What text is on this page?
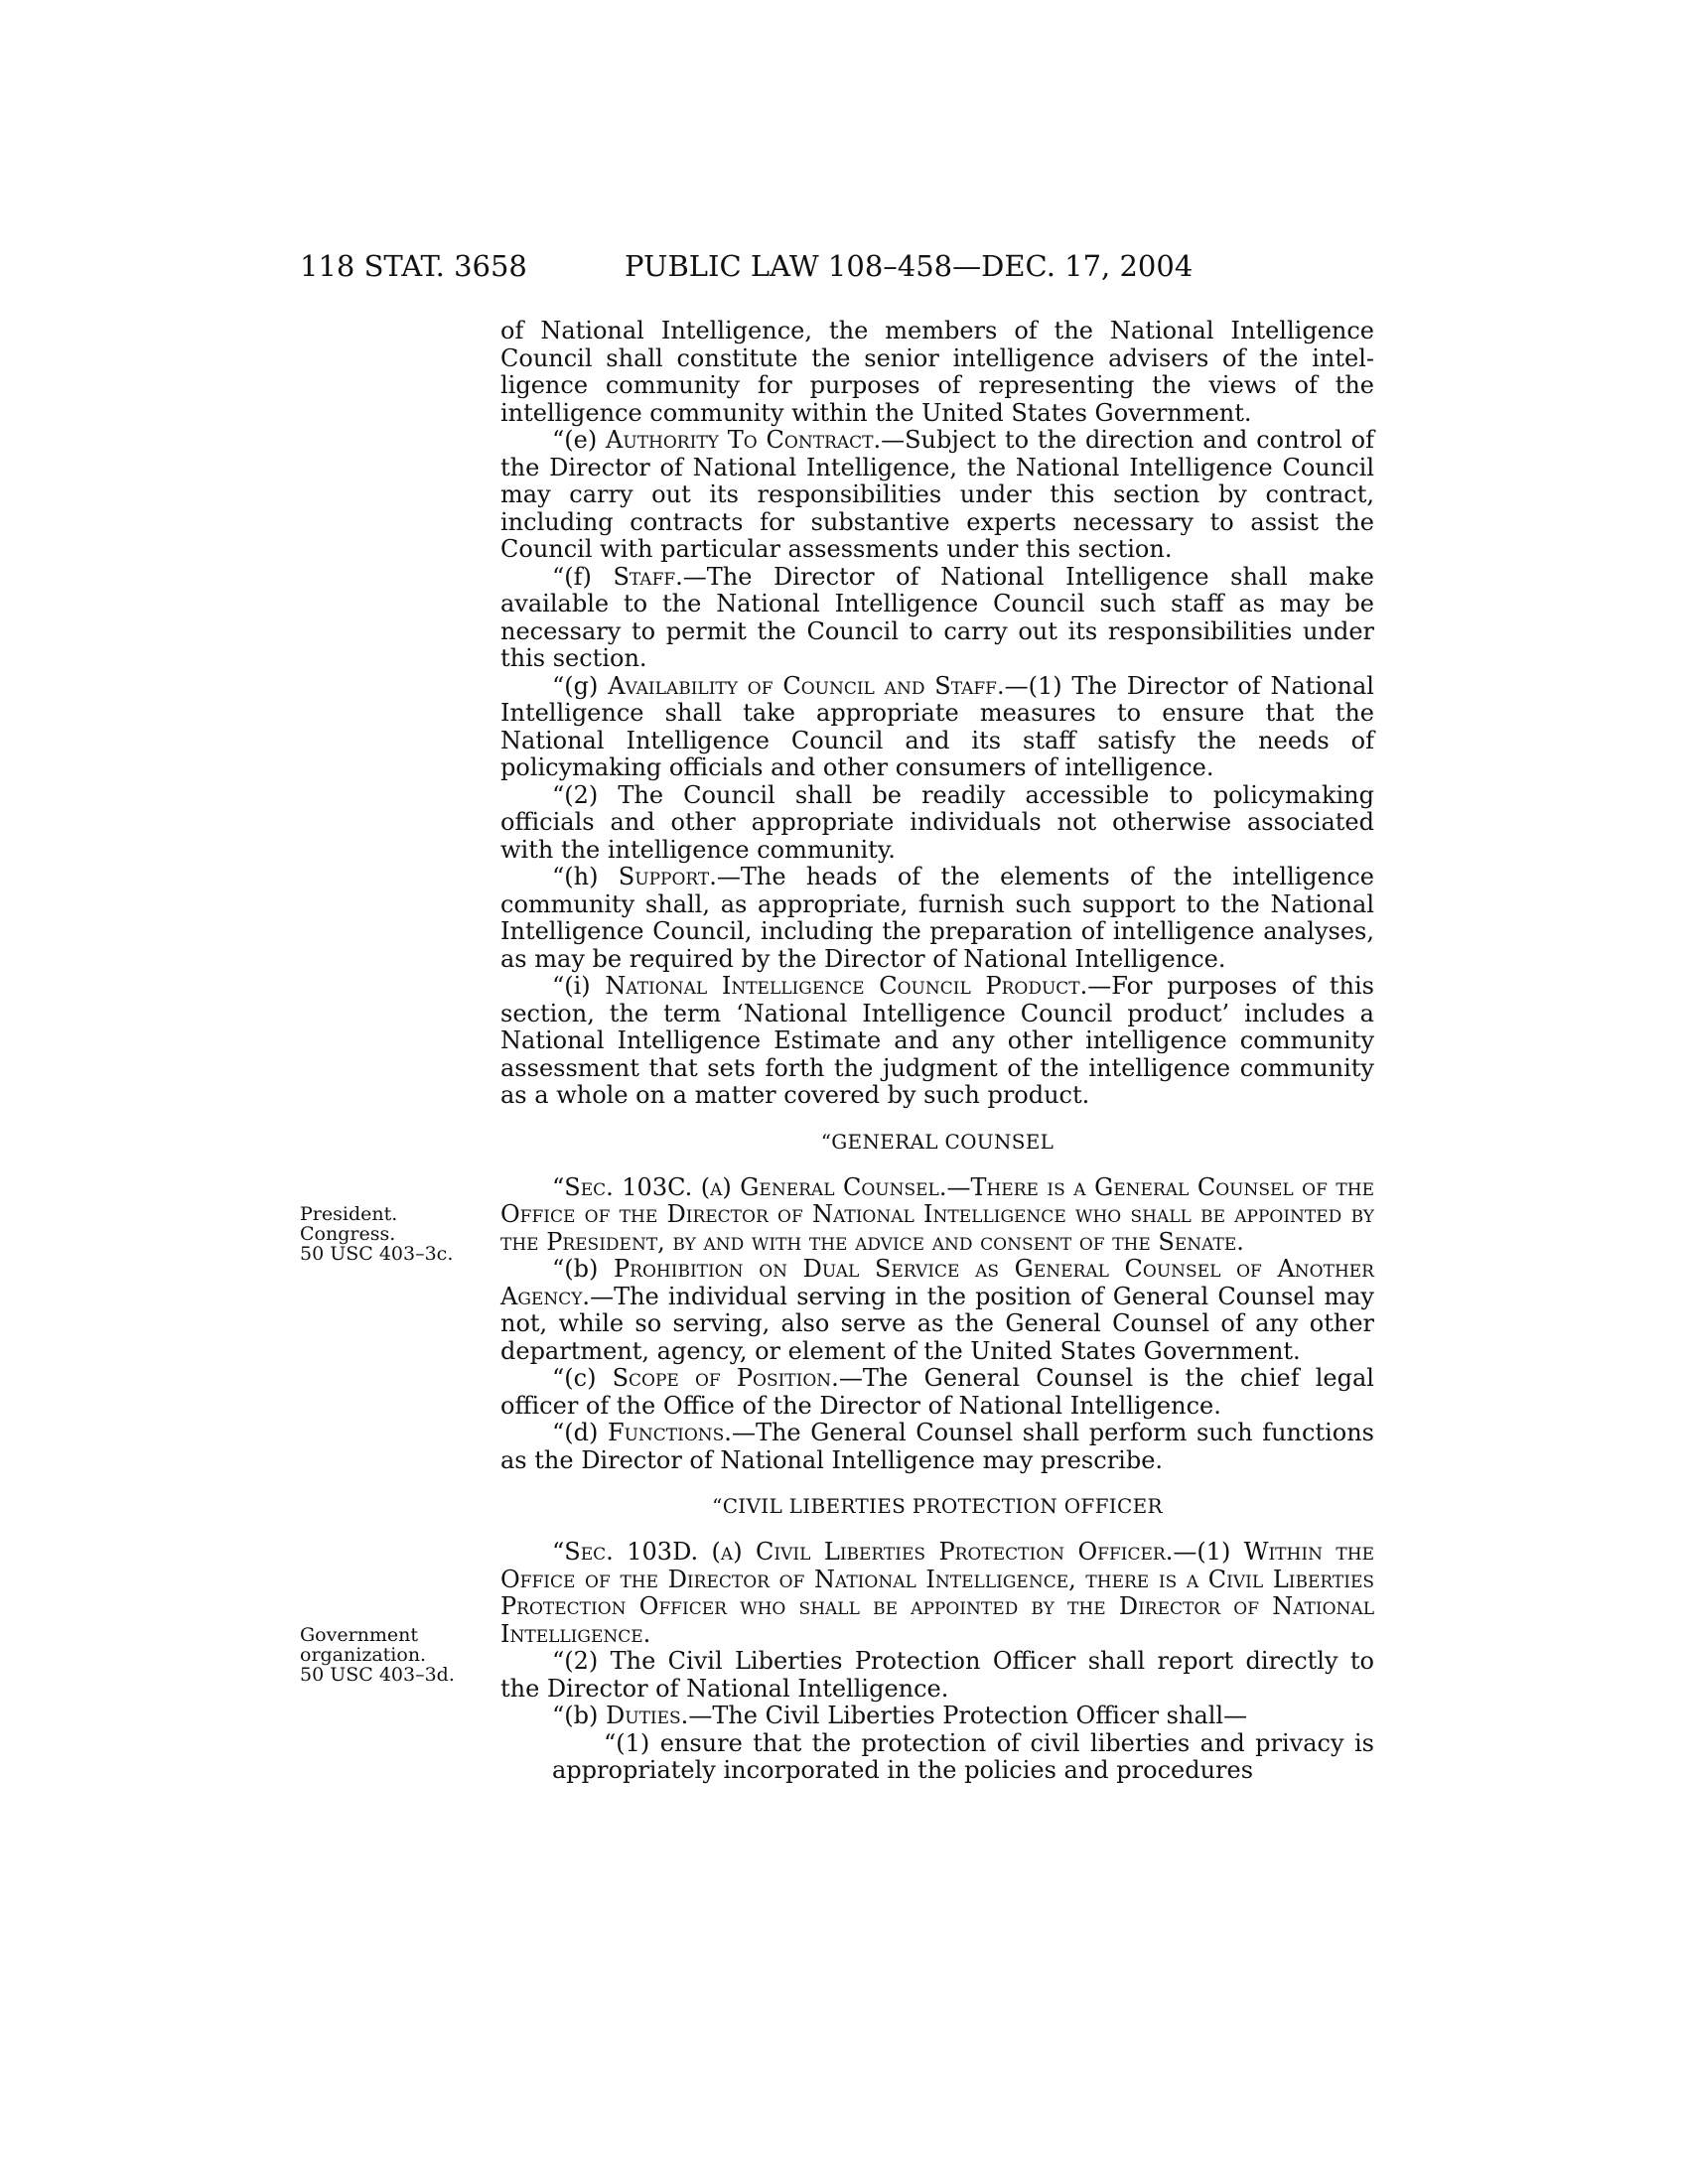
118 STAT. 3658	PUBLIC LAW 108–458—DEC. 17, 2004
President.
Congress.
50 USC 403–3c.
Government
organization.
50 USC 403–3d.

of National Intelligence, the members of the National Intelligence Council shall constitute the senior intelligence advisers of the intelligence community for purposes of representing the views of the intelligence community within the United States Government.

“(e) Authority To Contract.—Subject to the direction and control of the Director of National Intelligence, the National Intelligence Council may carry out its responsibilities under this section by contract, including contracts for substantive experts necessary to assist the Council with particular assessments under this section.

“(f) Staff.—The Director of National Intelligence shall make available to the National Intelligence Council such staff as may be necessary to permit the Council to carry out its responsibilities under this section.

“(g) Availability of Council and Staff.—(1) The Director of National Intelligence shall take appropriate measures to ensure that the National Intelligence Council and its staff satisfy the needs of policymaking officials and other consumers of intelligence.

“(2) The Council shall be readily accessible to policymaking officials and other appropriate individuals not otherwise associated with the intelligence community.

“(h) Support.—The heads of the elements of the intelligence community shall, as appropriate, furnish such support to the National Intelligence Council, including the preparation of intelligence analyses, as may be required by the Director of National Intelligence.

“(i) National Intelligence Council Product.—For purposes of this section, the term ‘National Intelligence Council product’ includes a National Intelligence Estimate and any other intelligence community assessment that sets forth the judgment of the intelligence community as a whole on a matter covered by such product.

“GENERAL COUNSEL

“Sec. 103C. (a) General Counsel.—There is a General Counsel of the Office of the Director of National Intelligence who shall be appointed by the President, by and with the advice and consent of the Senate.

“(b) Prohibition on Dual Service as General Counsel of Another Agency.—The individual serving in the position of General Counsel may not, while so serving, also serve as the General Counsel of any other department, agency, or element of the United States Government.

“(c) Scope of Position.—The General Counsel is the chief legal officer of the Office of the Director of National Intelligence.

“(d) Functions.—The General Counsel shall perform such functions as the Director of National Intelligence may prescribe.

“CIVIL LIBERTIES PROTECTION OFFICER

“Sec. 103D. (a) Civil Liberties Protection Officer.—(1) Within the Office of the Director of National Intelligence, there is a Civil Liberties Protection Officer who shall be appointed by the Director of National Intelligence.

“(2) The Civil Liberties Protection Officer shall report directly to the Director of National Intelligence.

“(b) Duties.—The Civil Liberties Protection Officer shall—

“(1) ensure that the protection of civil liberties and privacy is appropriately incorporated in the policies and procedures
